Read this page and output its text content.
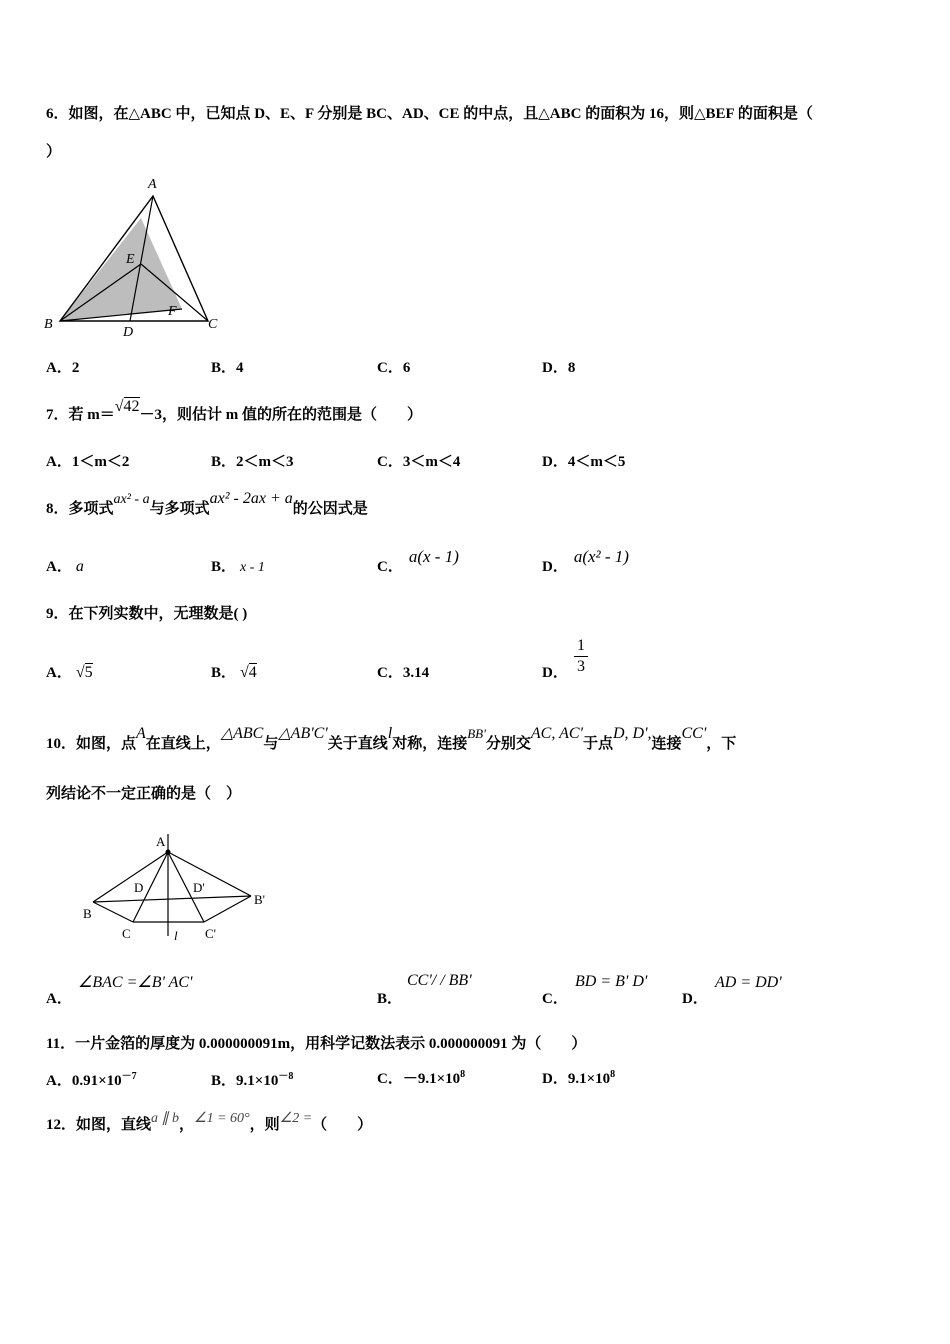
6．如图，在△ABC 中，已知点 D、E、F 分别是 BC、AD、CE 的中点，且△ABC 的面积为 16，则△BEF 的面积是（
）
A
B	C
D
E
F
A．2	B．4	C．6	D．8
7．若 m＝√42－3，则估计 m 值的所在的范围是（　　）
A．1＜m＜2	B．2＜m＜3	C．3＜m＜4	D．4＜m＜5
8．多项式ax² - a与多项式ax² - 2ax + a的公因式是
A． a	B． x - 1	C．a(x - 1)
D．a(x² - 1)
9．在下列实数中，无理数是( )
A． √5	B． √4	C．3.14	D．
1
3
10．如图，点A在直线上，△ABC与△AB'C'关于直线l对称，连接BB'分别交AC, AC'于点D, D',连接CC'，下
列结论不一定正确的是（　）
A
B
C
D	D'
B'
C'
l
A．
∠BAC =∠B' AC'
B．
CC'/ / BB'
C．
BD = B' D'
D．
AD = DD'
11．一片金箔的厚度为 0.000000091m，用科学记数法表示 0.000000091 为（　　）
A．$0.91\times 10^{-7}$	B．$9.1\times 10^{-8}$	C．$-9.1\times 10^8$	D．$9.1\times 10^8$
12．如图，直线a ∥ b，∠1 = 60°，则∠2 =（　　）
